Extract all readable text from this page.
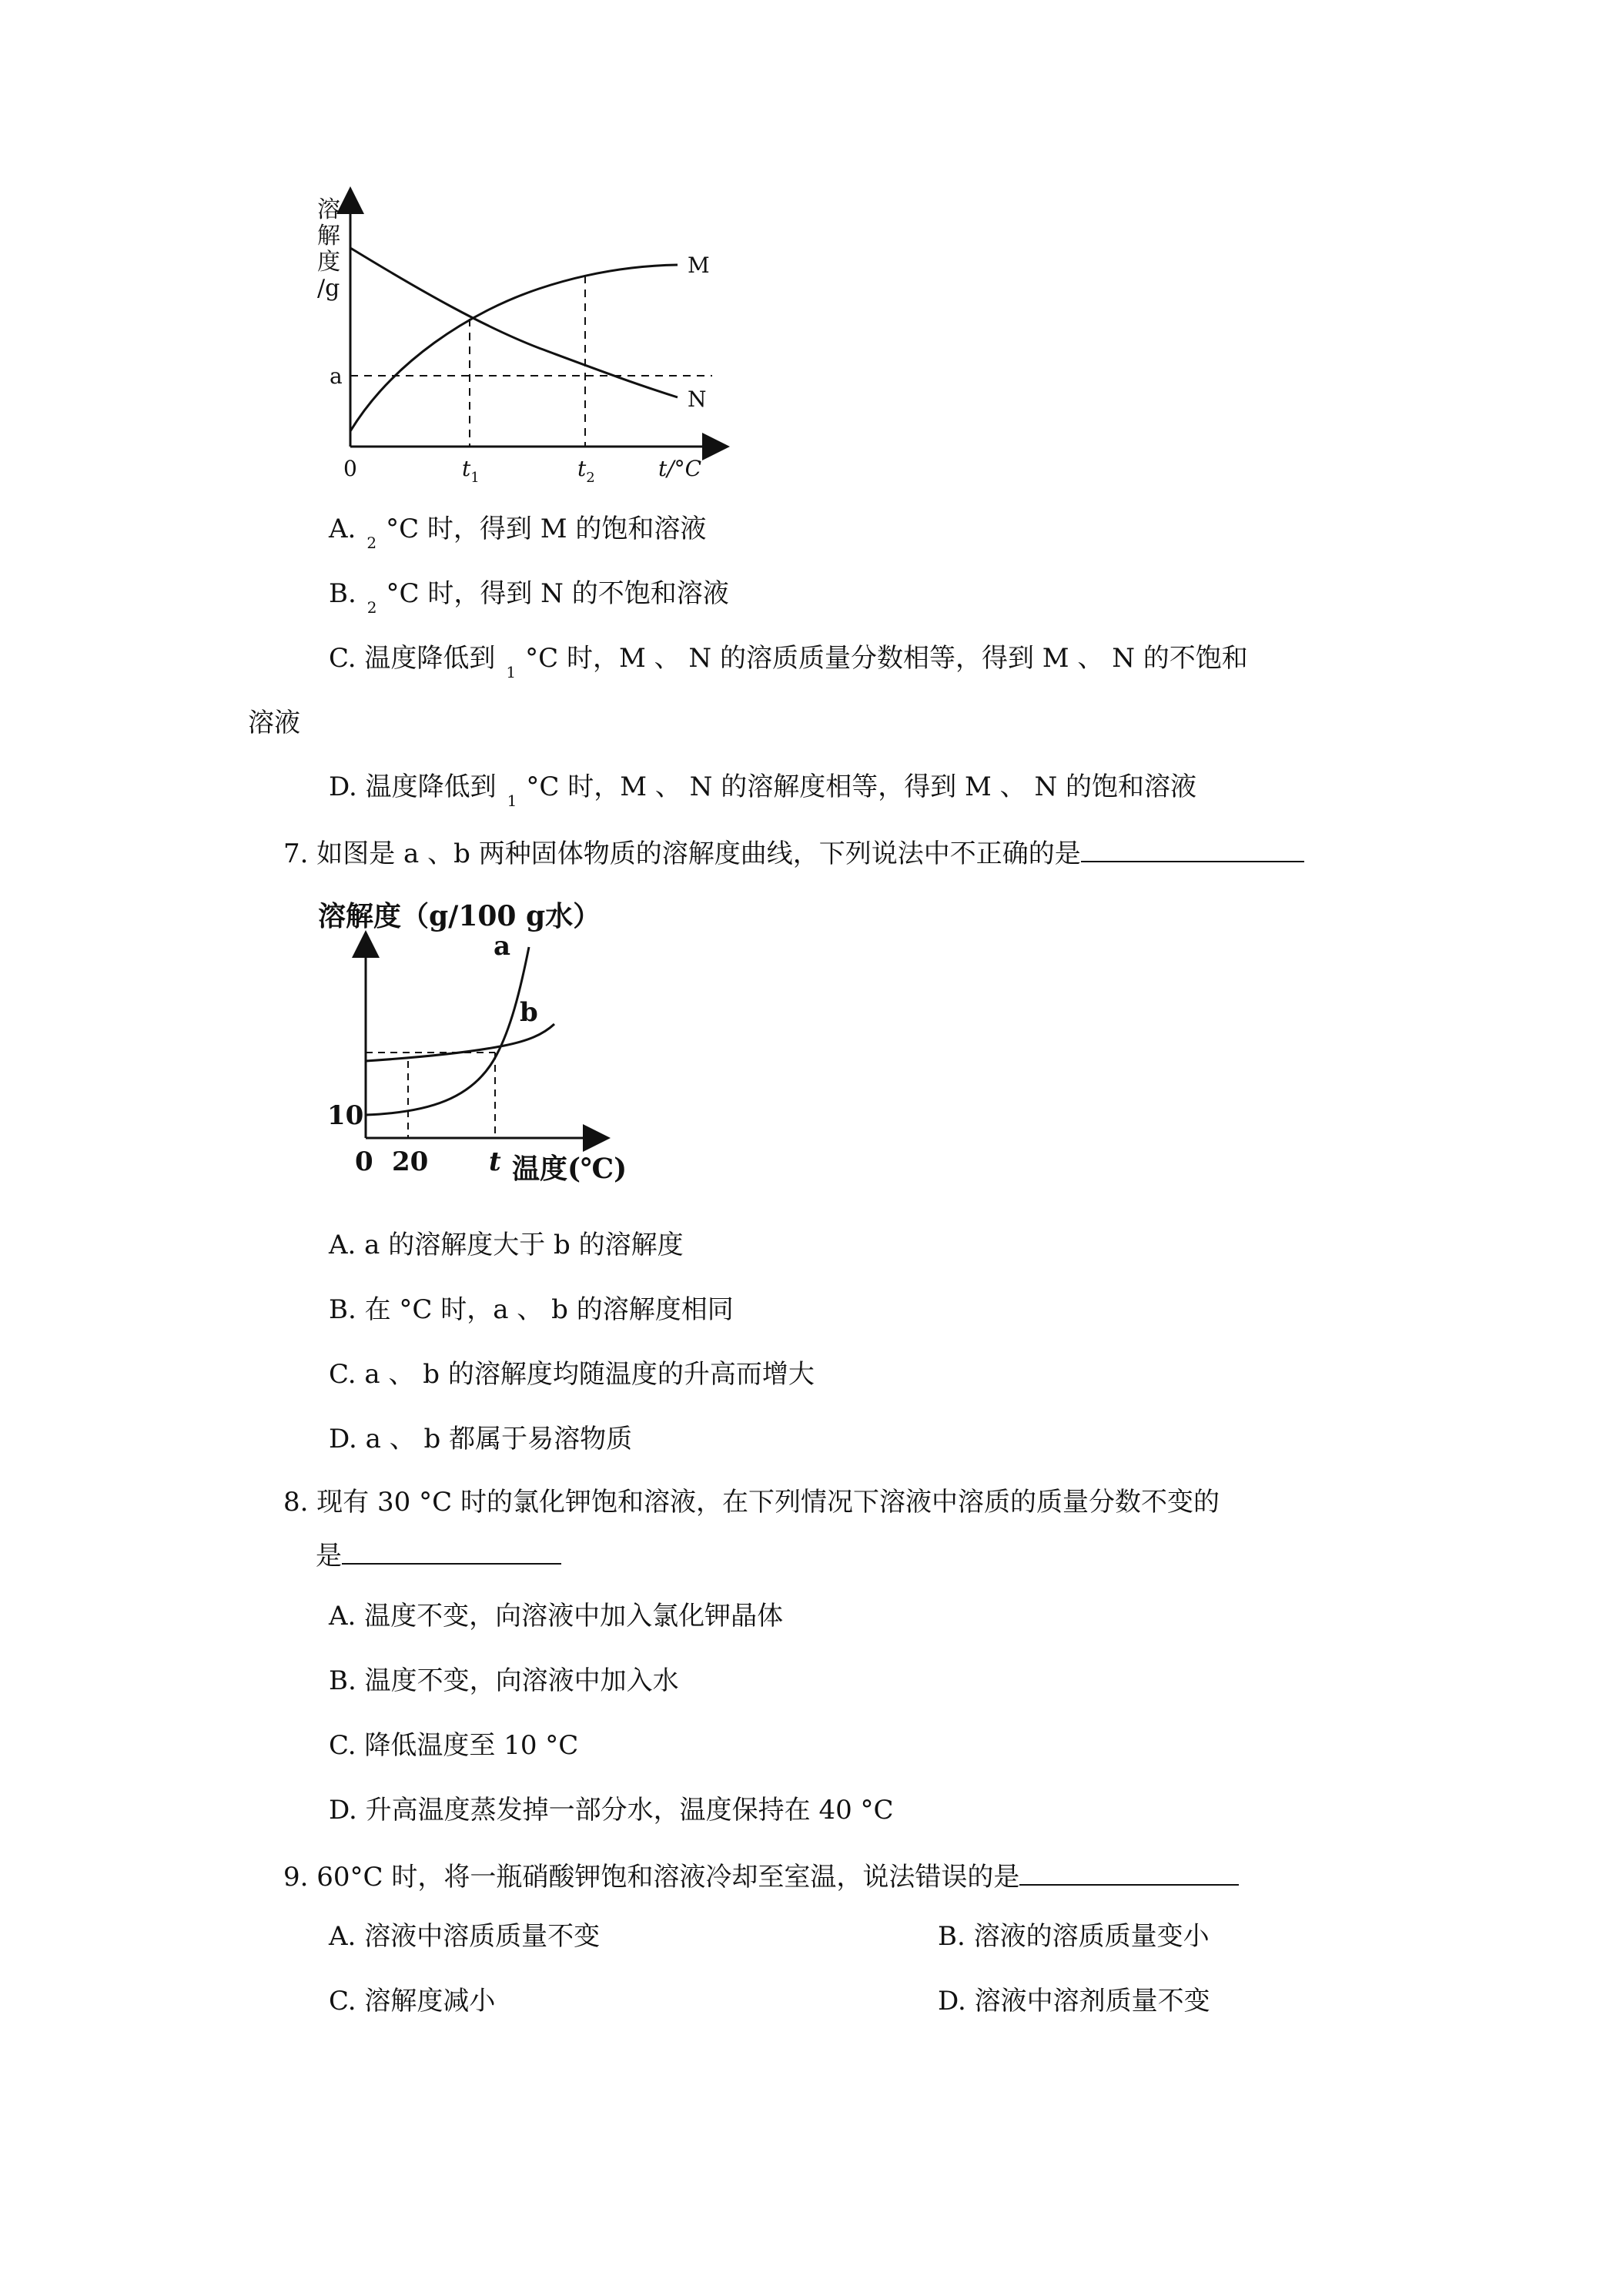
溶
解
度
/g
a
0	$t_1$	$t_2$	t/°C
M
N
A. $_2$ °C 时，得到 M 的饱和溶液
B. $_2$ °C 时，得到 N 的不饱和溶液
C. 温度降低到 $_1$ °C 时，M 、 N 的溶质质量分数相等，得到 M 、 N 的不饱和
溶液
D. 温度降低到 $_1$ °C 时，M 、 N 的溶解度相等，得到 M 、 N 的饱和溶液
7. 如图是 a 、b 两种固体物质的溶解度曲线，下列说法中不正确的是
溶解度（g/100 g水）
10
0 20 t 温度(℃)
a
b
A. a 的溶解度大于 b 的溶解度
B. 在 °C 时，a 、 b 的溶解度相同
C. a 、 b 的溶解度均随温度的升高而增大
D. a 、 b 都属于易溶物质
8. 现有 30 °C 时的氯化钾饱和溶液，在下列情况下溶液中溶质的质量分数不变的
是
A. 温度不变，向溶液中加入氯化钾晶体
B. 温度不变，向溶液中加入水
C. 降低温度至 10 °C
D. 升高温度蒸发掉一部分水，温度保持在 40 °C
9. 60°C 时，将一瓶硝酸钾饱和溶液冷却至室温，说法错误的是
A. 溶液中溶质质量不变	B. 溶液的溶质质量变小
C. 溶解度减小	D. 溶液中溶剂质量不变
